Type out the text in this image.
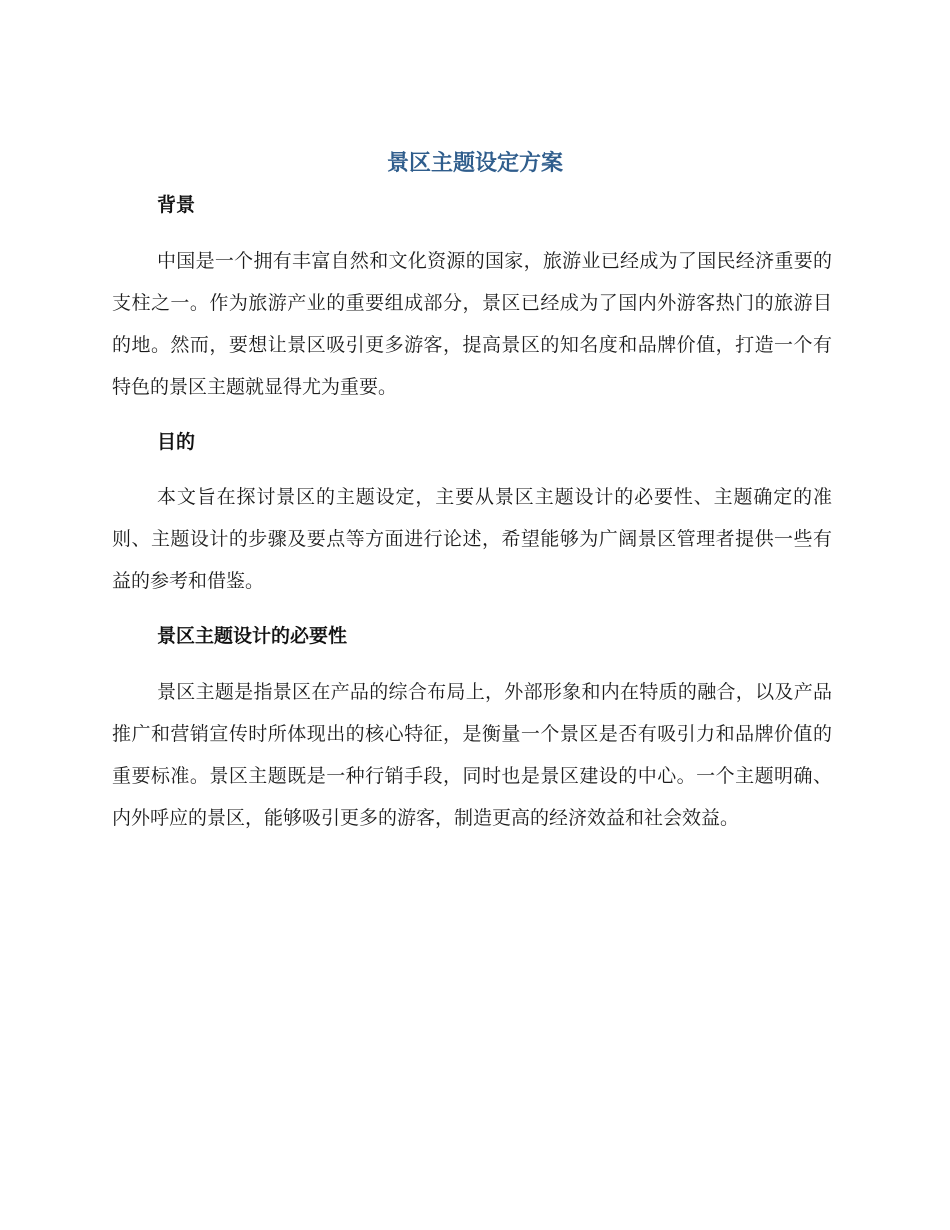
景区主题设定方案
背景

中国是一个拥有丰富自然和文化资源的国家，旅游业已经成为了国民经济重要的支柱之一。作为旅游产业的重要组成部分，景区已经成为了国内外游客热门的旅游目的地。然而，要想让景区吸引更多游客，提高景区的知名度和品牌价值，打造一个有特色的景区主题就显得尤为重要。

目的

本文旨在探讨景区的主题设定，主要从景区主题设计的必要性、主题确定的准则、主题设计的步骤及要点等方面进行论述，希望能够为广阔景区管理者提供一些有益的参考和借鉴。

景区主题设计的必要性

景区主题是指景区在产品的综合布局上，外部形象和内在特质的融合，以及产品推广和营销宣传时所体现出的核心特征，是衡量一个景区是否有吸引力和品牌价值的重要标准。景区主题既是一种行销手段，同时也是景区建设的中心。一个主题明确、内外呼应的景区，能够吸引更多的游客，制造更高的经济效益和社会效益。
